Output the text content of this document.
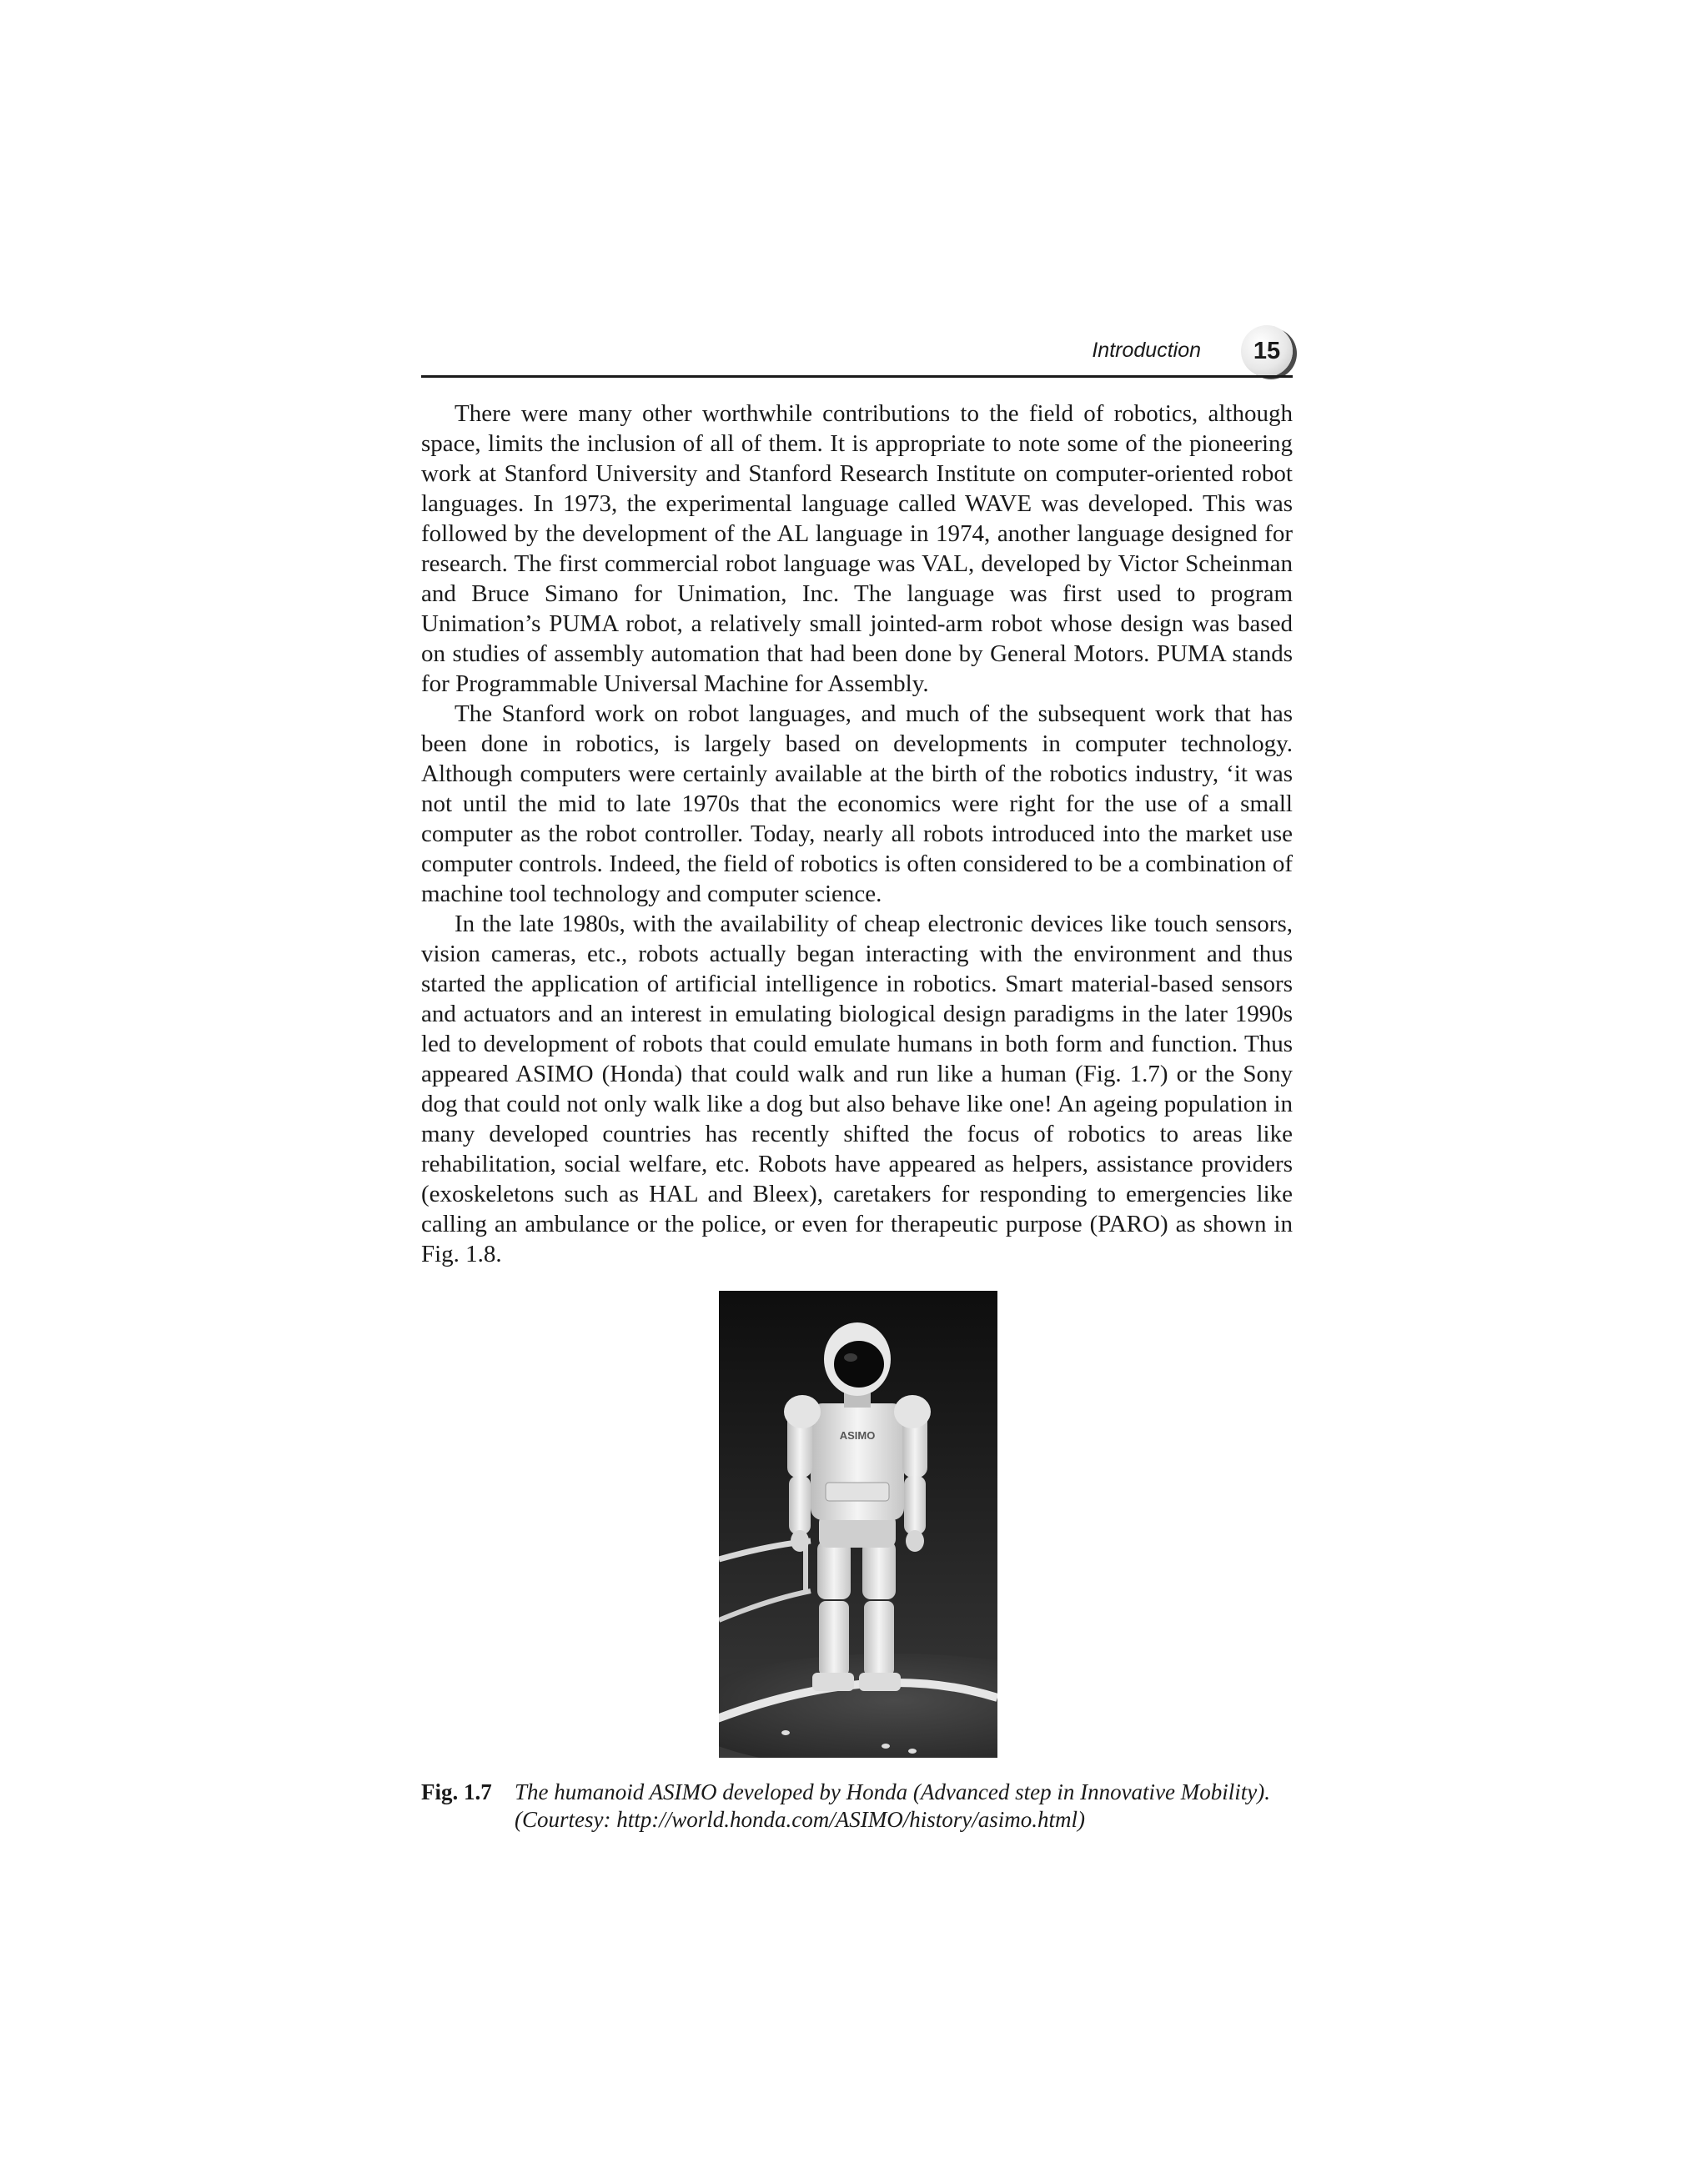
Introduction	15

There were many other worthwhile contributions to the field of robotics, although space, limits the inclusion of all of them. It is appropriate to note some of the pioneering work at Stanford University and Stanford Research Institute on computer-oriented robot languages. In 1973, the experimental language called WAVE was developed. This was followed by the development of the AL language in 1974, another language designed for research. The first commercial robot language was VAL, developed by Victor Scheinman and Bruce Simano for Unimation, Inc. The language was first used to program Unimation’s PUMA robot, a relatively small jointed-arm robot whose design was based on studies of assembly automation that had been done by General Motors. PUMA stands for Programmable Universal Machine for Assembly.

The Stanford work on robot languages, and much of the subsequent work that has been done in robotics, is largely based on developments in computer technology. Although computers were certainly available at the birth of the robotics industry, ‘it was not until the mid to late 1970s that the economics were right for the use of a small computer as the robot controller. Today, nearly all robots introduced into the market use computer controls. Indeed, the field of robotics is often considered to be a combination of machine tool technology and computer science.

In the late 1980s, with the availability of cheap electronic devices like touch sensors, vision cameras, etc., robots actually began interacting with the environment and thus started the application of artificial intelligence in robotics. Smart material-based sensors and actuators and an interest in emulating biological design paradigms in the later 1990s led to development of robots that could emulate humans in both form and function. Thus appeared ASIMO (Honda) that could walk and run like a human (Fig. 1.7) or the Sony dog that could not only walk like a dog but also behave like one! An ageing population in many developed countries has recently shifted the focus of robotics to areas like rehabilitation, social welfare, etc. Robots have appeared as helpers, assistance providers (exoskeletons such as HAL and Bleex), caretakers for responding to emergencies like calling an ambulance or the police, or even for therapeutic purpose (PARO) as shown in Fig. 1.8.

ASIMO
Fig. 1.7 The humanoid ASIMO developed by Honda (Advanced step in Innovative Mobility).
(Courtesy: http://world.honda.com/ASIMO/history/asimo.html)
